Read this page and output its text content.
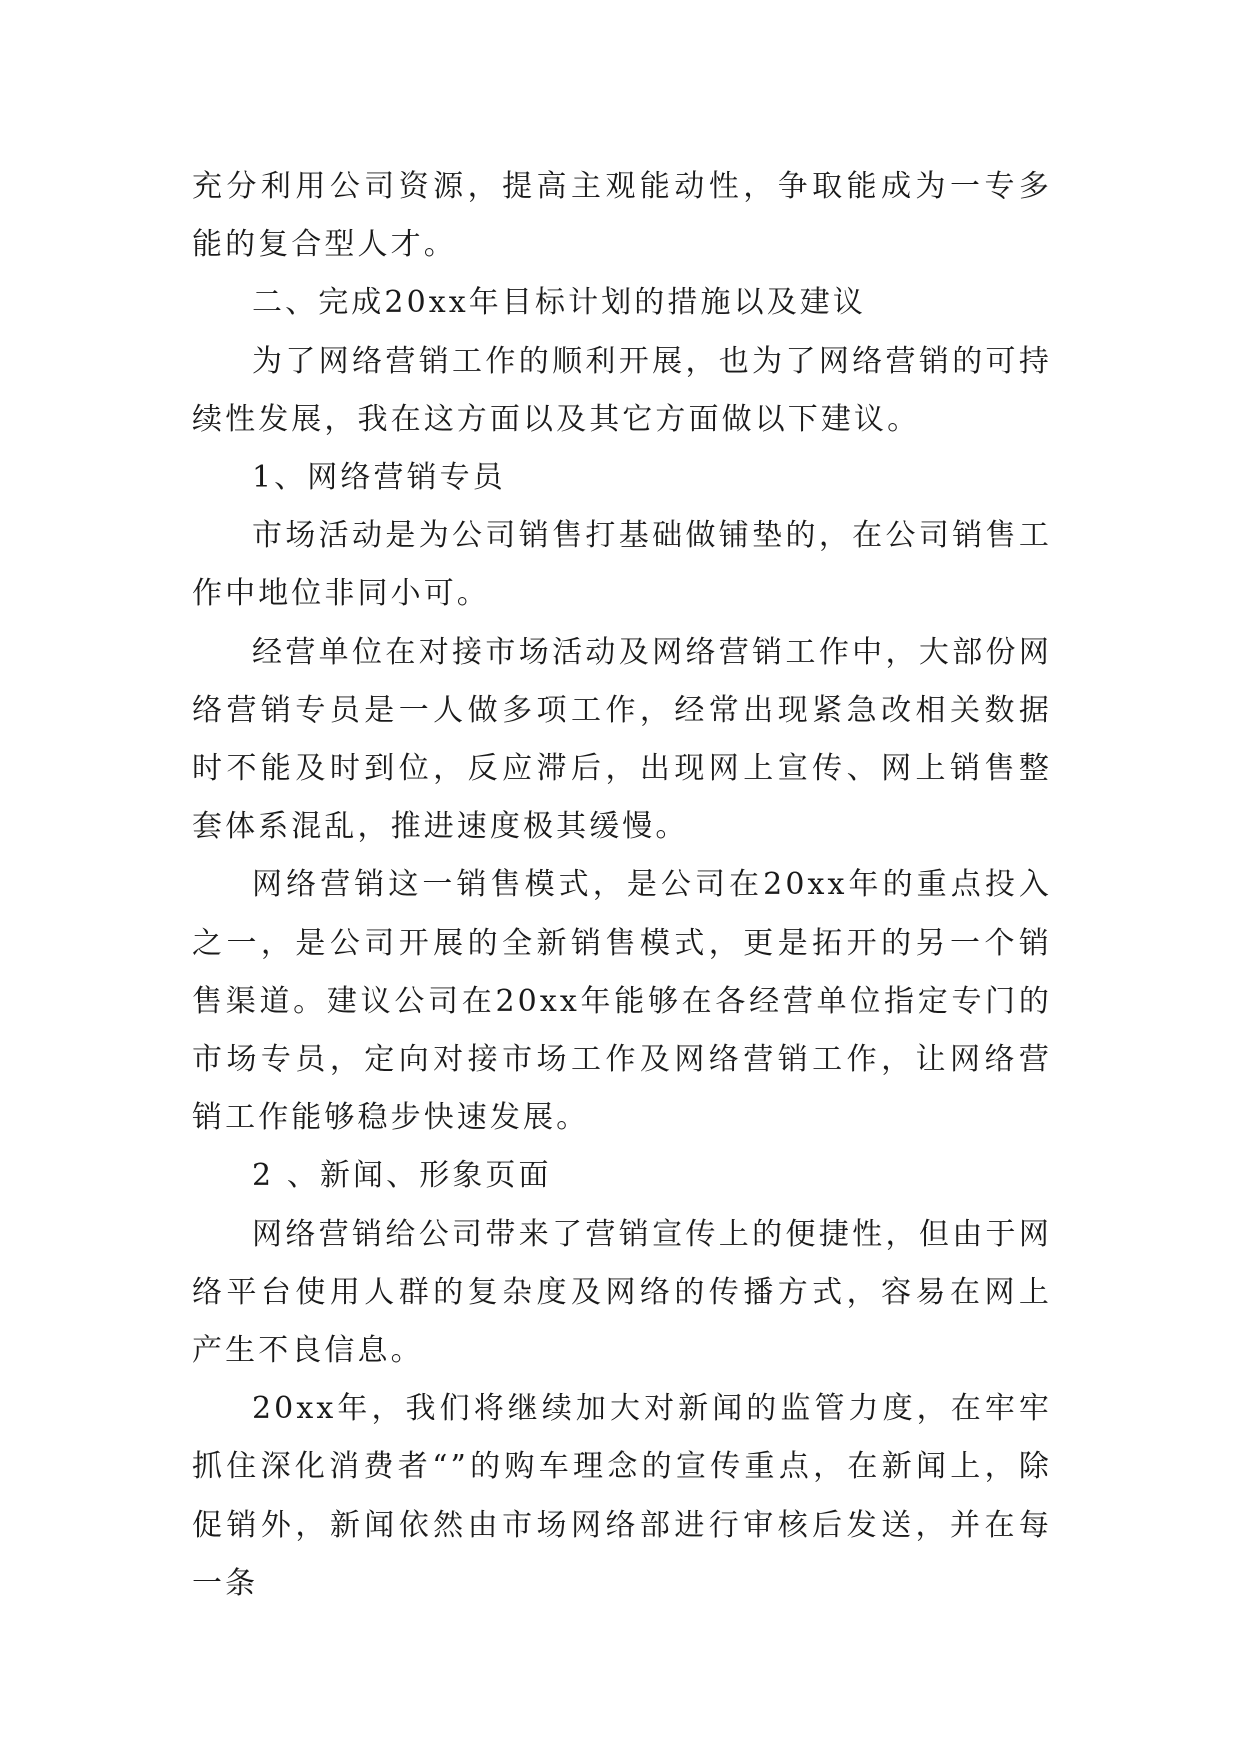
充分利用公司资源，提高主观能动性，争取能成为一专多能的复合型人才。

二、完成20xx年目标计划的措施以及建议

为了网络营销工作的顺利开展，也为了网络营销的可持续性发展，我在这方面以及其它方面做以下建议。

1、网络营销专员

市场活动是为公司销售打基础做铺垫的，在公司销售工作中地位非同小可。

经营单位在对接市场活动及网络营销工作中，大部份网络营销专员是一人做多项工作，经常出现紧急改相关数据时不能及时到位，反应滞后，出现网上宣传、网上销售整套体系混乱，推进速度极其缓慢。

网络营销这一销售模式，是公司在20xx年的重点投入之一，是公司开展的全新销售模式，更是拓开的另一个销售渠道。建议公司在20xx年能够在各经营单位指定专门的市场专员，定向对接市场工作及网络营销工作，让网络营销工作能够稳步快速发展。

2 、新闻、形象页面

网络营销给公司带来了营销宣传上的便捷性，但由于网络平台使用人群的复杂度及网络的传播方式，容易在网上产生不良信息。

20xx年，我们将继续加大对新闻的监管力度，在牢牢抓住深化消费者“”的购车理念的宣传重点，在新闻上，除促销外，新闻依然由市场网络部进行审核后发送，并在每一条
